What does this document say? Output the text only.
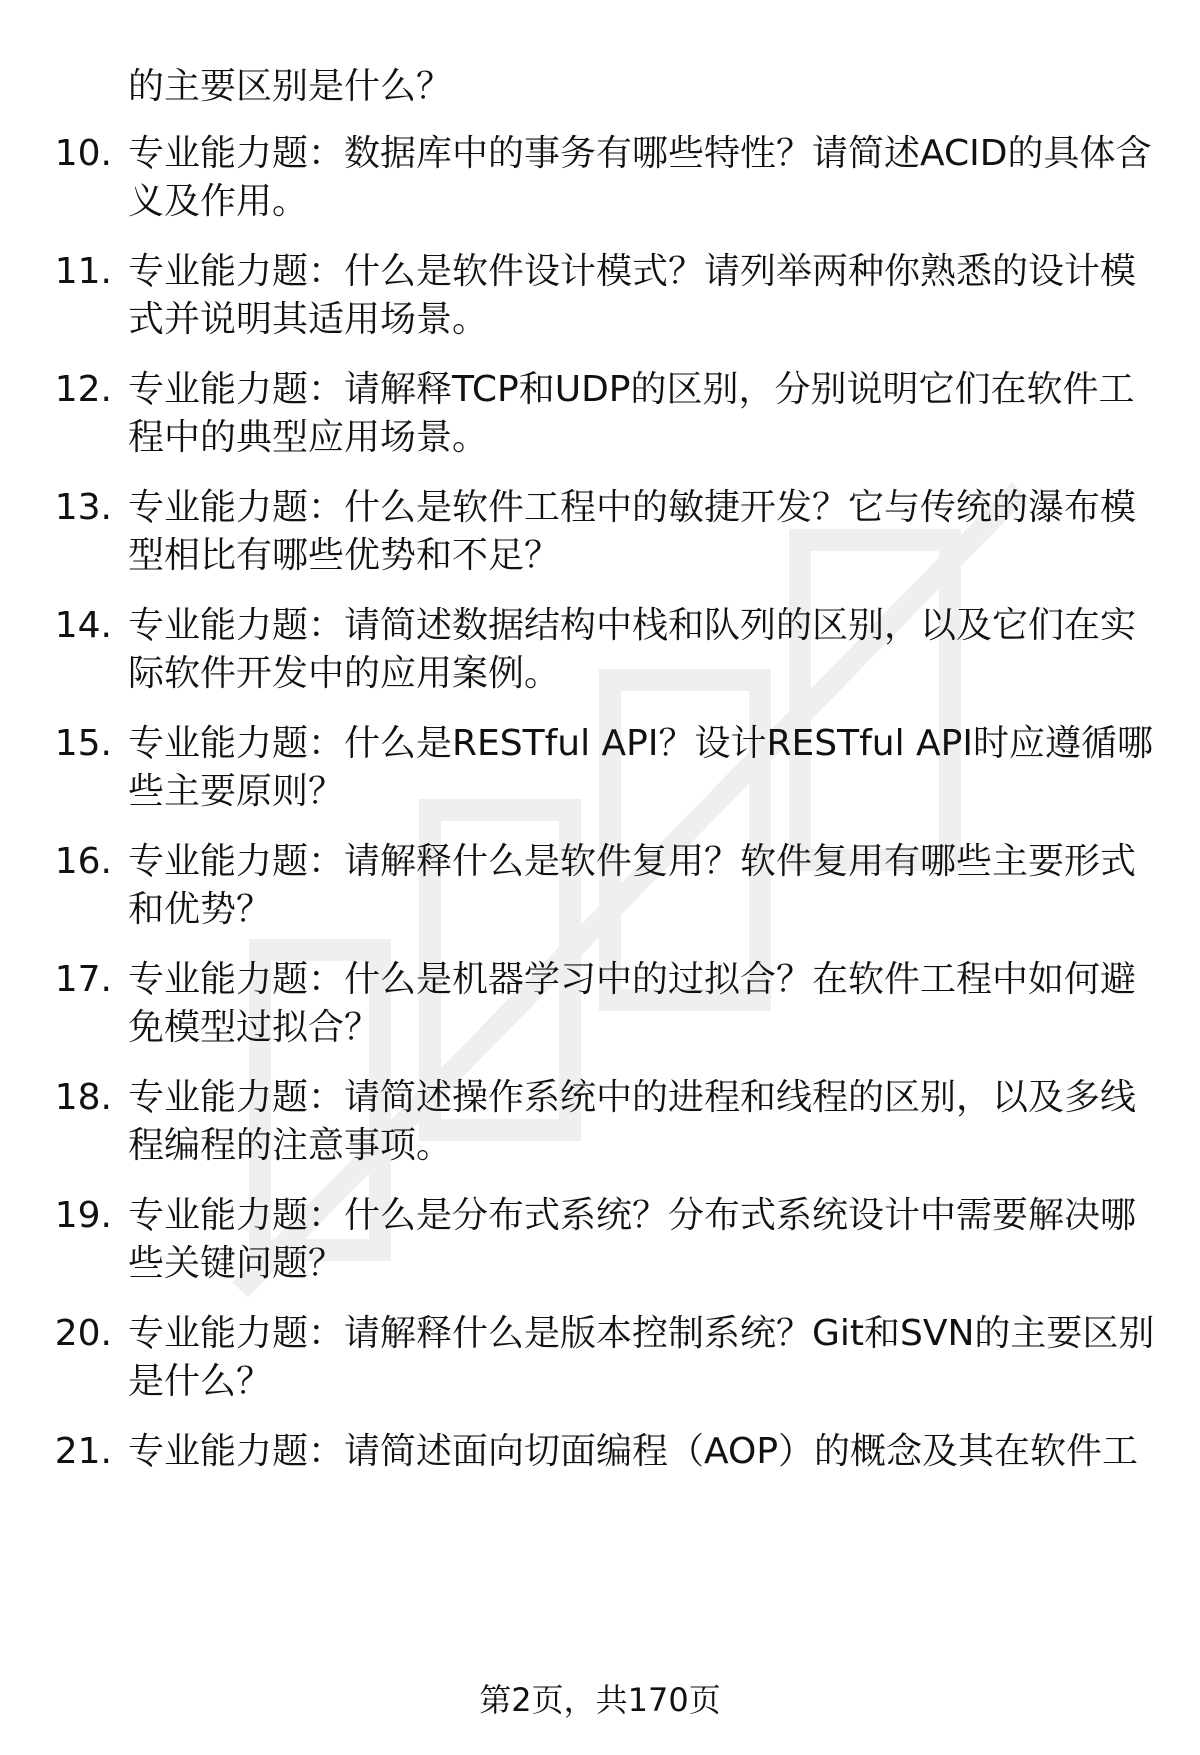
的主要区别是什么？
10. 专业能力题：数据库中的事务有哪些特性？请简述ACID的具体含
义及作用。
11. 专业能力题：什么是软件设计模式？请列举两种你熟悉的设计模
式并说明其适用场景。
12. 专业能力题：请解释TCP和UDP的区别，分别说明它们在软件工
程中的典型应用场景。
13. 专业能力题：什么是软件工程中的敏捷开发？它与传统的瀑布模
型相比有哪些优势和不足？
14. 专业能力题：请简述数据结构中栈和队列的区别，以及它们在实
际软件开发中的应用案例。
15. 专业能力题：什么是RESTful API？设计RESTful API时应遵循哪
些主要原则？
16. 专业能力题：请解释什么是软件复用？软件复用有哪些主要形式
和优势？
17. 专业能力题：什么是机器学习中的过拟合？在软件工程中如何避
免模型过拟合？
18. 专业能力题：请简述操作系统中的进程和线程的区别，以及多线
程编程的注意事项。
19. 专业能力题：什么是分布式系统？分布式系统设计中需要解决哪
些关键问题？
20. 专业能力题：请解释什么是版本控制系统？Git和SVN的主要区别
是什么？
21. 专业能力题：请简述面向切面编程（AOP）的概念及其在软件工
第2页，共170页
